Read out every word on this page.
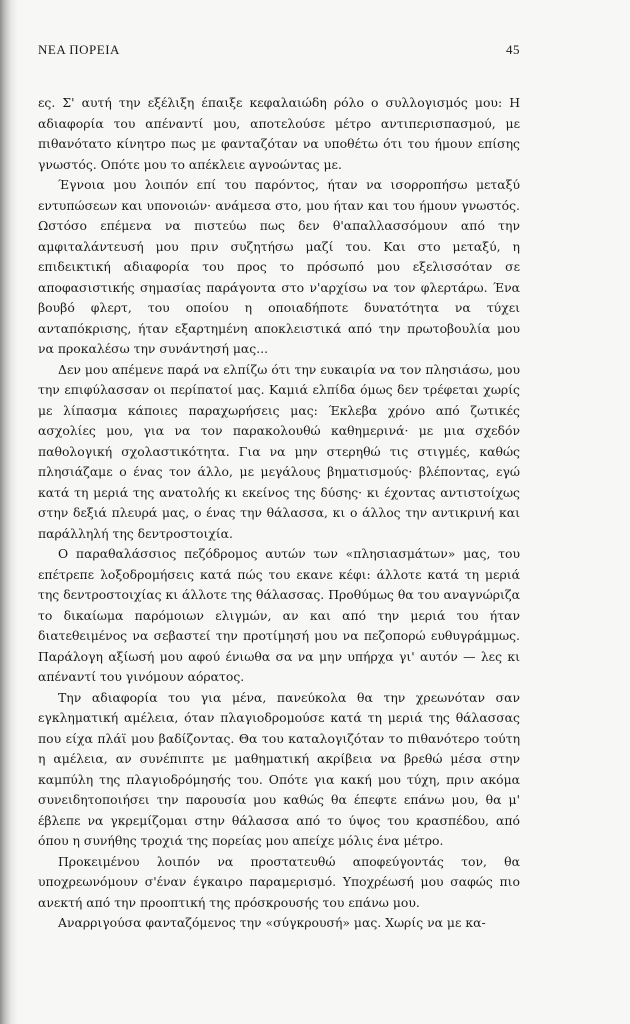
ΝΕΑ ΠΟΡΕΙΑ	45

ες. Σ' αυτή την εξέλιξη έπαιξε κεφαλαιώδη ρόλο ο συλλογισμός μου: Η αδιαφορία του απέναντί μου, αποτελούσε μέτρο αντιπερισπασμού, με πιθανότατο κίνητρο πως με φανταζόταν να υποθέτω ότι του ήμουν επίσης γνωστός. Οπότε μου το απέκλειε αγνοώντας με.

Έγνοια μου λοιπόν επί του παρόντος, ήταν να ισορροπήσω μεταξύ εντυπώσεων και υπονοιών· ανάμεσα στο, μου ήταν και του ήμουν γνωστός. Ωστόσο επέμενα να πιστεύω πως δεν θ'απαλλασσόμουν από την αμφιταλάντευσή μου πριν συζητήσω μαζί του. Και στο μεταξύ, η επιδεικτική αδιαφορία του προς το πρόσωπό μου εξελισσόταν σε αποφασιστικής σημασίας παράγοντα στο ν'αρχίσω να τον φλερτάρω. Ένα βουβό φλερτ, του οποίου η οποιαδήποτε δυνατότητα να τύχει ανταπόκρισης, ήταν εξαρτημένη αποκλειστικά από την πρωτοβουλία μου να προκαλέσω την συνάντησή μας...

Δεν μου απέμενε παρά να ελπίζω ότι την ευκαιρία να τον πλησιάσω, μου την επιφύλασσαν οι περίπατοί μας. Καμιά ελπίδα όμως δεν τρέφεται χωρίς με λίπασμα κάποιες παραχωρήσεις μας: Έκλεβα χρόνο από ζωτικές ασχολίες μου, για να τον παρακολουθώ καθημερινά· με μια σχεδόν παθολογική σχολαστικότητα. Για να μην στερηθώ τις στιγμές, καθώς πλησιάζαμε ο ένας τον άλλο, με μεγάλους βηματισμούς· βλέποντας, εγώ κατά τη μεριά της ανατολής κι εκείνος της δύσης· κι έχοντας αντιστοίχως στην δεξιά πλευρά μας, ο ένας την θάλασσα, κι ο άλλος την αντικρινή και παράλληλή της δεντροστοιχία.

Ο παραθαλάσσιος πεζόδρομος αυτών των «πλησιασμάτων» μας, του επέτρεπε λοξοδρομήσεις κατά πώς του εκανε κέφι: άλλοτε κατά τη μεριά της δεντροστοιχίας κι άλλοτε της θάλασσας. Προθύμως θα του αναγνώριζα το δικαίωμα παρόμοιων ελιγμών, αν και από την μεριά του ήταν διατεθειμένος να σεβαστεί την προτίμησή μου να πεζοπορώ ευθυγράμμως. Παράλογη αξίωσή μου αφού ένιωθα σα να μην υπήρχα γι' αυτόν — λες κι απέναντί του γινόμουν αόρατος.

Την αδιαφορία του για μένα, πανεύκολα θα την χρεωνόταν σαν εγκληματική αμέλεια, όταν πλαγιοδρομούσε κατά τη μεριά της θάλασσας που είχα πλάϊ μου βαδίζοντας. Θα του καταλογιζόταν το πιθανότερο τούτη η αμέλεια, αν συνέπιπτε με μαθηματική ακρίβεια να βρεθώ μέσα στην καμπύλη της πλαγιοδρόμησής του. Οπότε για κακή μου τύχη, πριν ακόμα συνειδητοποιήσει την παρουσία μου καθώς θα έπεφτε επάνω μου, θα μ' έβλεπε να γκρεμίζομαι στην θάλασσα από το ύψος του κρασπέδου, από όπου η συνήθης τροχιά της πορείας μου απείχε μόλις ένα μέτρο.

Προκειμένου λοιπόν να προστατευθώ αποφεύγοντάς τον, θα υποχρεωνόμουν σ'έναν έγκαιρο παραμερισμό. Υποχρέωσή μου σαφώς πιο ανεκτή από την προοπτική της πρόσκρουσής του επάνω μου.

Αναρριγούσα φανταζόμενος την «σύγκρουσή» μας. Χωρίς να με κα-
